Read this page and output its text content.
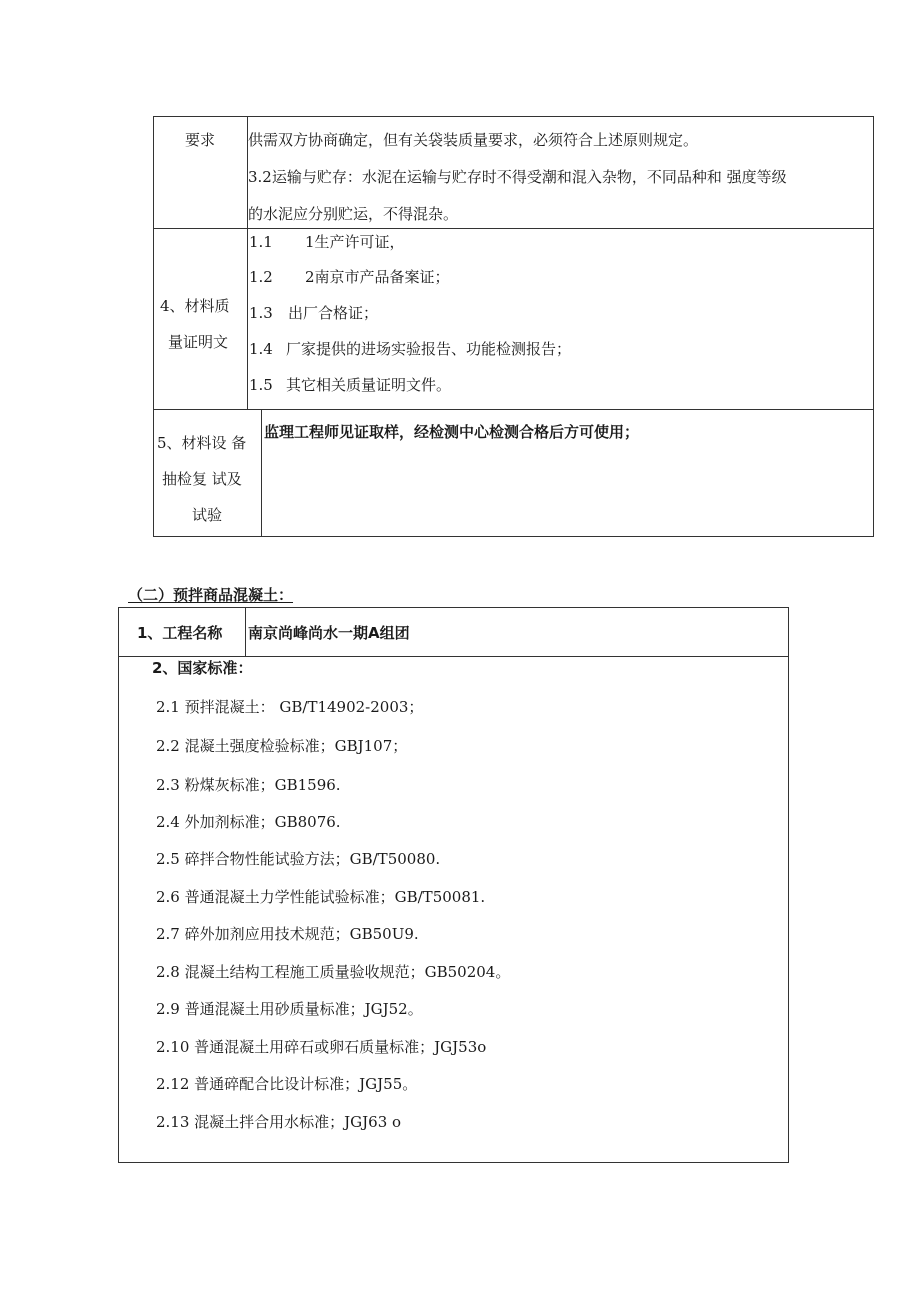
要求 供需双方协商确定，但有关袋装质量要求，必须符合上述原则规定。
3.2运输与贮存：水泥在运输与贮存时不得受潮和混入杂物，不同品种和 强度等级
的水泥应分别贮运，不得混杂。
4、材料质
量证明文
1.1 1生产许可证，
1.2 2南京市产品备案证；
1.3 出厂合格证；
1.4 厂家提供的进场实验报告、功能检测报告；
1.5 其它相关质量证明文件。
5、材料设 备
抽检复 试及
试验
监理工程师见证取样，经检测中心检测合格后方可使用；
（二）预拌商品混凝土：
1、工程名称 南京尚峰尚水一期A组团
2、国家标准：
2.1 预拌混凝土： GB/T14902-2003；
2.2 混凝土强度检验标准；GBJ107；
2.3 粉煤灰标准；GB1596.
2.4 外加剂标准；GB8076.
2.5 碎拌合物性能试验方法；GB/T50080.
2.6 普通混凝土力学性能试验标准；GB/T50081.
2.7 碎外加剂应用技术规范；GB50U9.
2.8 混凝土结构工程施工质量验收规范；GB50204。
2.9 普通混凝土用砂质量标准；JGJ52。
2.10 普通混凝土用碎石或卵石质量标准；JGJ53o
2.12 普通碎配合比设计标准；JGJ55。
2.13 混凝土拌合用水标准；JGJ63 o
